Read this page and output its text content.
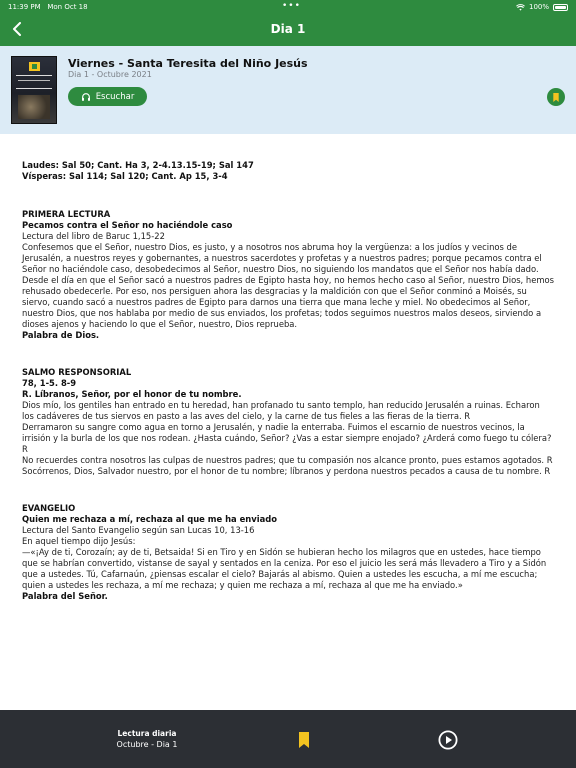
11:39 PM Mon Oct 18	•••	100%
Dia 1
Viernes - Santa Teresita del Niño Jesús
Dia 1 - Octubre 2021
Escuchar

Laudes: Sal 50; Cant. Ha 3, 2-4.13.15-19; Sal 147

Vísperas: Sal 114; Sal 120; Cant. Ap 15, 3-4

PRIMERA LECTURA

Pecamos contra el Señor no haciéndole caso

Lectura del libro de Baruc 1,15-22

Confesemos que el Señor, nuestro Dios, es justo, y a nosotros nos abruma hoy la vergüenza: a los judíos y vecinos de Jerusalén, a nuestros reyes y gobernantes, a nuestros sacerdotes y profetas y a nuestros padres; porque pecamos contra el Señor no haciéndole caso, desobedecimos al Señor, nuestro Dios, no siguiendo los mandatos que el Señor nos había dado. Desde el día en que el Señor sacó a nuestros padres de Egipto hasta hoy, no hemos hecho caso al Señor, nuestro Dios, hemos rehusado obedecerle. Por eso, nos persiguen ahora las desgracias y la maldición con que el Señor conminó a Moisés, su siervo, cuando sacó a nuestros padres de Egipto para darnos una tierra que mana leche y miel. No obedecimos al Señor, nuestro Dios, que nos hablaba por medio de sus enviados, los profetas; todos seguimos nuestros malos deseos, sirviendo a dioses ajenos y haciendo lo que el Señor, nuestro, Dios reprueba.

Palabra de Dios.

SALMO RESPONSORIAL

78, 1-5. 8-9

R. Líbranos, Señor, por el honor de tu nombre.

Dios mío, los gentiles han entrado en tu heredad, han profanado tu santo templo, han reducido Jerusalén a ruinas. Echaron los cadáveres de tus siervos en pasto a las aves del cielo, y la carne de tus fieles a las fieras de la tierra. R

Derramaron su sangre como agua en torno a Jerusalén, y nadie la enterraba. Fuimos el escarnio de nuestros vecinos, la irrisión y la burla de los que nos rodean. ¿Hasta cuándo, Señor? ¿Vas a estar siempre enojado? ¿Arderá como fuego tu cólera? R

No recuerdes contra nosotros las culpas de nuestros padres; que tu compasión nos alcance pronto, pues estamos agotados. R

Socórrenos, Dios, Salvador nuestro, por el honor de tu nombre; líbranos y perdona nuestros pecados a causa de tu nombre. R

EVANGELIO

Quien me rechaza a mí, rechaza al que me ha enviado

Lectura del Santo Evangelio según san Lucas 10, 13-16

En aquel tiempo dijo Jesús:

—«¡Ay de ti, Corozaín; ay de ti, Betsaida! Si en Tiro y en Sidón se hubieran hecho los milagros que en ustedes, hace tiempo que se habrían convertido, vistanse de sayal y sentados en la ceniza. Por eso el juicio les será más llevadero a Tiro y a Sidón que a ustedes. Tú, Cafarnaún, ¿piensas escalar el cielo? Bajarás al abismo. Quien a ustedes les escucha, a mí me escucha; quien a ustedes les rechaza, a mí me rechaza; y quien me rechaza a mí, rechaza al que me ha enviado.»

Palabra del Señor.

Lectura diaria
Octubre - Dia 1
